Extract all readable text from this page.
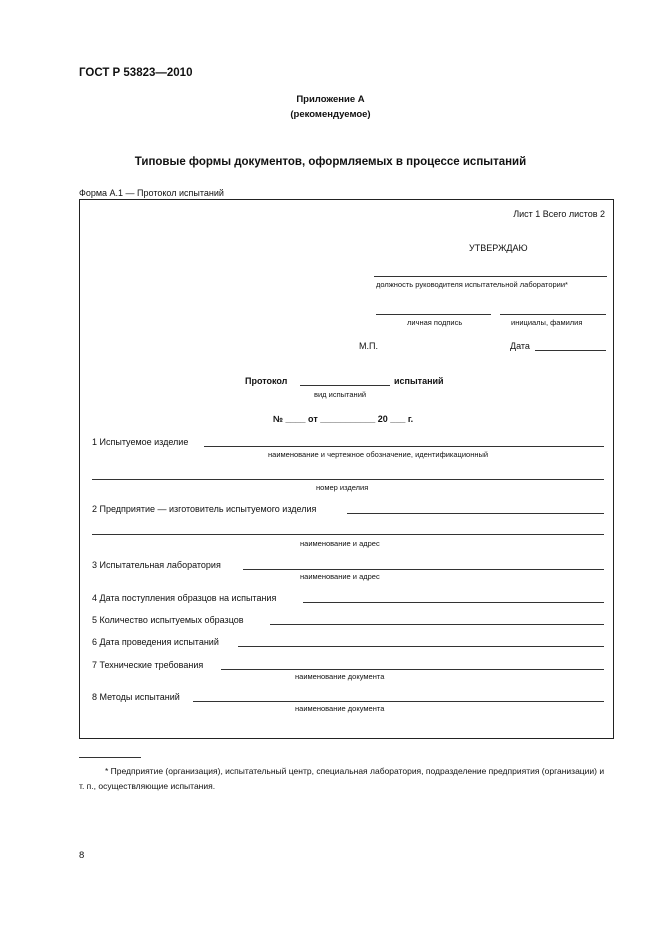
ГОСТ Р 53823—2010
Приложение А
(рекомендуемое)
Типовые формы документов, оформляемых в процессе испытаний
Форма А.1 — Протокол испытаний
Лист 1 Всего листов 2
УТВЕРЖДАЮ
должность руководителя испытательной лаборатории*
личная подпись	инициалы, фамилия
М.П.	Дата
Протокол	испытаний
вид испытаний
№ ____ от ___________ 20 ___ г.
1 Испытуемое изделие
наименование и чертежное обозначение, идентификационный
номер изделия
2 Предприятие — изготовитель испытуемого изделия
наименование и адрес
3 Испытательная лаборатория
наименование и адрес
4 Дата поступления образцов на испытания
5 Количество испытуемых образцов
6 Дата проведения испытаний
7 Технические требования
наименование документа
8 Методы испытаний
наименование документа
* Предприятие (организация), испытательный центр, специальная лаборатория, подразделение предприятия (организации) и т. п., осуществляющие испытания.
8
